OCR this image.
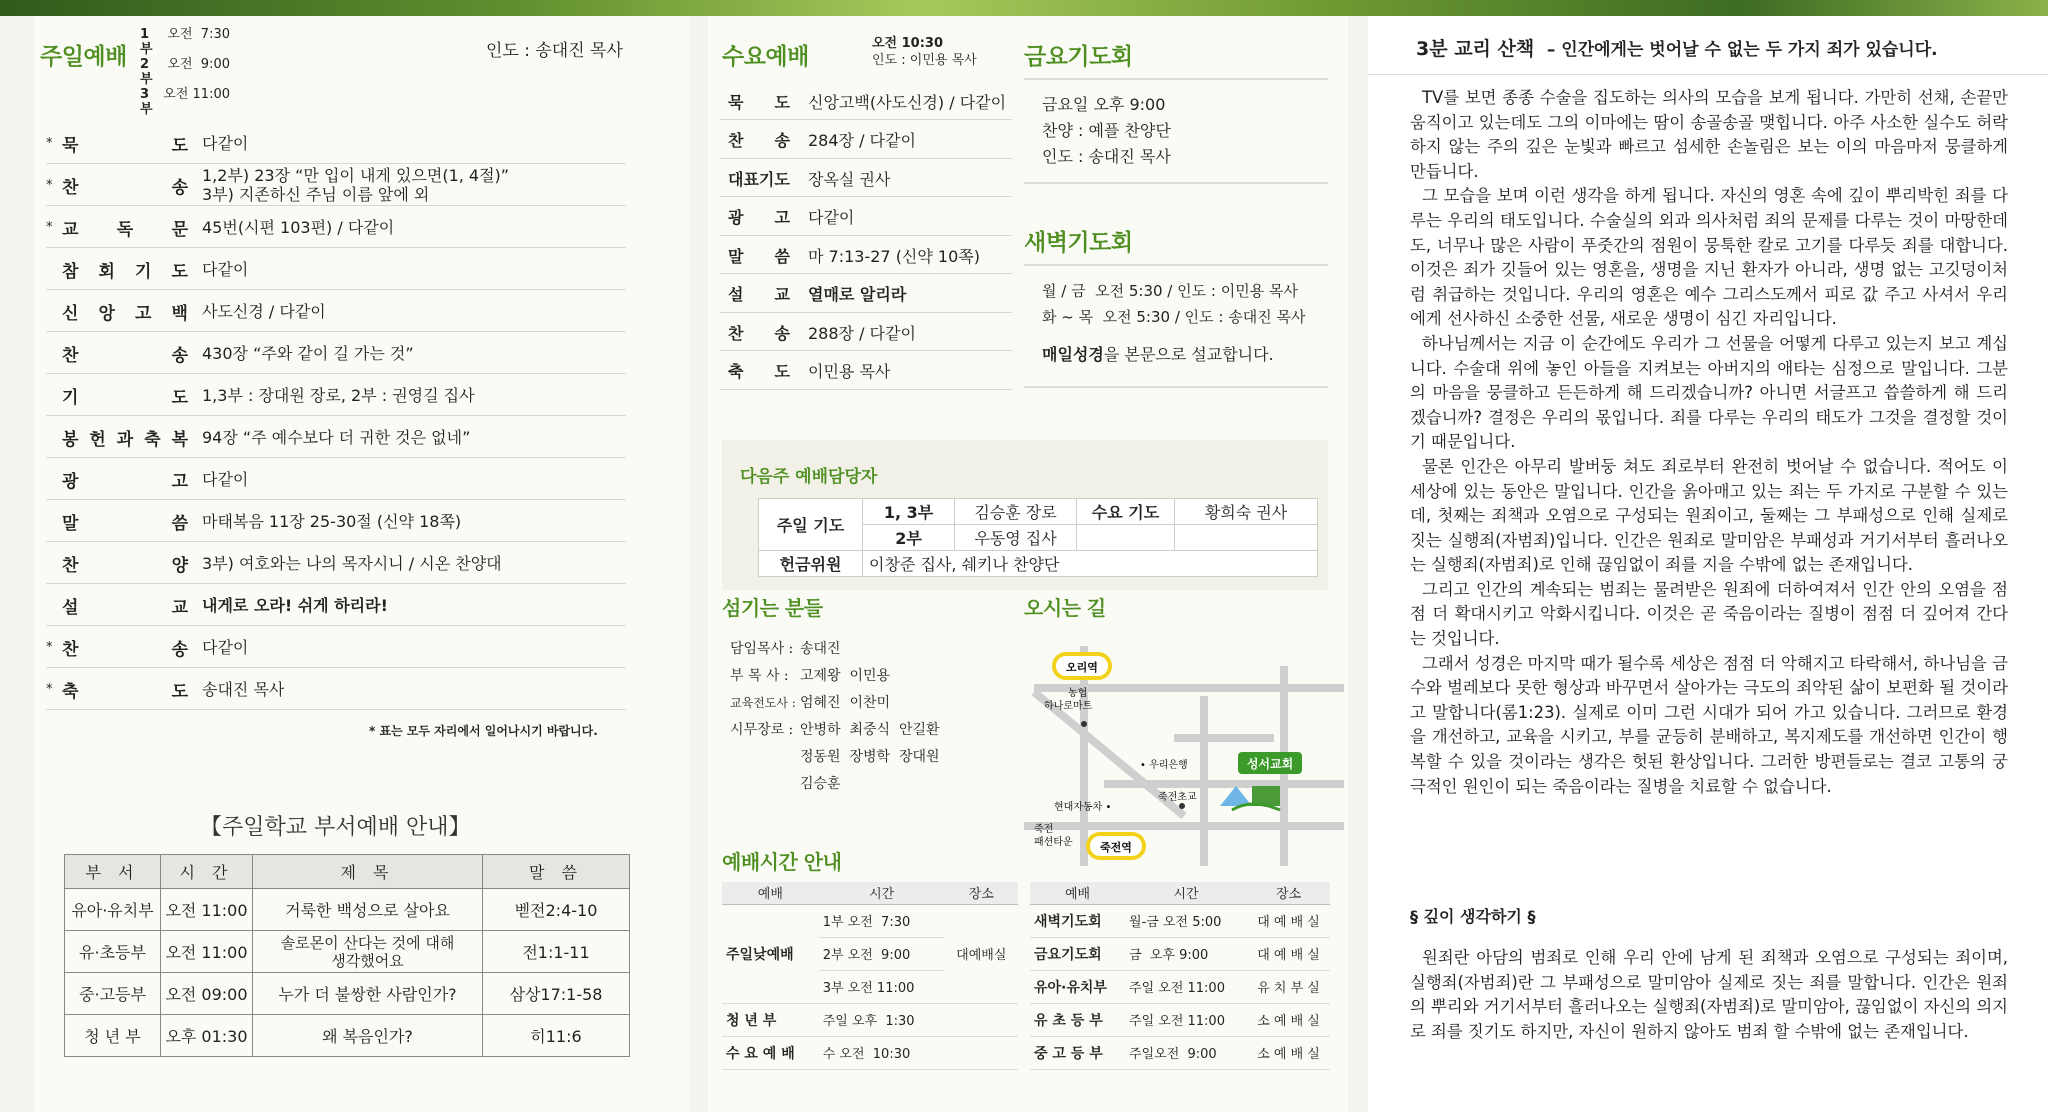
주일예배
1부
오전  7:30
2부
오전  9:00
3부
오전 11:00
인도 : 송대진 목사
* 묵	도 다같이
* 찬	송
1,2부) 23장 “만 입이 내게 있으면(1, 4절)”
3부) 지존하신 주님 이름 앞에 외
* 교 독 문 45번(시편 103편) / 다같이
참 회 기 도 다같이
신 앙 고 백 사도신경 / 다같이
찬	송 430장 “주와 같이 길 가는 것”
기	도 1,3부 : 장대원 장로, 2부 : 권영길 집사
봉 헌 과 축 복 94장 “주 예수보다 더 귀한 것은 없네”
광	고 다같이
말	씀 마태복음 11장 25-30절 (신약 18쪽)
찬	양 3부) 여호와는 나의 목자시니 / 시온 찬양대
설	교 내게로 오라! 쉬게 하리라!
* 찬	송 다같이
* 축	도 송대진 목사
* 표는 모두 자리에서 일어나시기 바랍니다.
【주일학교 부서예배 안내】
부 서	시 간	제 목	말 씀
유아·유치부	오전 11:00	거룩한 백성으로 살아요	벧전2:4-10
유·초등부	오전 11:00	솔로몬이 산다는 것에 대해
생각했어요	전1:1-11
중·고등부	오전 09:00	누가 더 불쌍한 사람인가?	삼상17:1-58
청 년 부	오후 01:30	왜 복음인가?	히11:6
수요예배
오전 10:30
인도 : 이민용 목사
묵 도 신앙고백(사도신경) / 다같이
찬 송 284장 / 다같이
대표기도 장옥실 권사
광 고 다같이
말 씀 마 7:13-27 (신약 10쪽)
설 교 열매로 알리라
찬 송 288장 / 다같이
축 도 이민용 목사
금요기도회
금요일 오후 9:00
찬양 : 예플 찬양단
인도 : 송대진 목사
새벽기도회
월 / 금  오전 5:30 / 인도 : 이민용 목사
화 ~ 목  오전 5:30 / 인도 : 송대진 목사
매일성경을 본문으로 설교합니다.
다음주 예배담당자
주일 기도	1, 3부	김승훈 장로	수요 기도	황희숙 권사
	2부	우동영 집사		
헌금위원	이창준 집사, 쉐키나 찬양단			
섬기는 분들
담임목사 : 송대진
부 목 사 : 고제왕  이민용
교육전도사 : 엄혜진  이찬미
시무장로 : 안병하  최중식  안길환
정동원  장병학  장대원
김승훈
오시는 길
오리역
죽전역
농협
하나로마트
• 우리은행
현대자동차 •
죽전초교
죽전
패션타운
성서교회
예배시간 안내
예배	시간	장소
주일낮예배	1부 오전  7:30	대예배실
	2부 오전  9:00	
	3부 오전 11:00	
청 년 부	주일 오후  1:30	
수 요 예 배	수 오전  10:30	
예배	시간	장소
새벽기도회	월-금 오전 5:00	대 예 배 실
금요기도회	금  오후 9:00	대 예 배 실
유아·유치부	주일 오전 11:00	유 치 부 실
유 초 등 부	주일 오전 11:00	소 예 배 실
중 고 등 부	주일오전  9:00	소 예 배 실
3분 교리 산책 – 인간에게는 벗어날 수 없는 두 가지 죄가 있습니다.

TV를 보면 종종 수술을 집도하는 의사의 모습을 보게 됩니다. 가만히 선채, 손끝만 움직이고 있는데도 그의 이마에는 땀이 송골송골 맺힙니다. 아주 사소한 실수도 허락하지 않는 주의 깊은 눈빛과 빠르고 섬세한 손놀림은 보는 이의 마음마저 뭉클하게 만듭니다.

그 모습을 보며 이런 생각을 하게 됩니다. 자신의 영혼 속에 깊이 뿌리박힌 죄를 다루는 우리의 태도입니다. 수술실의 외과 의사처럼 죄의 문제를 다루는 것이 마땅한데도, 너무나 많은 사람이 푸줏간의 점원이 뭉툭한 칼로 고기를 다루듯 죄를 대합니다. 이것은 죄가 깃들어 있는 영혼을, 생명을 지닌 환자가 아니라, 생명 없는 고깃덩이처럼 취급하는 것입니다. 우리의 영혼은 예수 그리스도께서 피로 값 주고 사셔서 우리에게 선사하신 소중한 선물, 새로운 생명이 심긴 자리입니다.

하나님께서는 지금 이 순간에도 우리가 그 선물을 어떻게 다루고 있는지 보고 계십니다. 수술대 위에 놓인 아들을 지켜보는 아버지의 애타는 심정으로 말입니다. 그분의 마음을 뭉클하고 든든하게 해 드리겠습니까? 아니면 서글프고 씁쓸하게 해 드리겠습니까? 결정은 우리의 몫입니다. 죄를 다루는 우리의 태도가 그것을 결정할 것이기 때문입니다.

물론 인간은 아무리 발버둥 쳐도 죄로부터 완전히 벗어날 수 없습니다. 적어도 이 세상에 있는 동안은 말입니다. 인간을 옭아매고 있는 죄는 두 가지로 구분할 수 있는데, 첫째는 죄책과 오염으로 구성되는 원죄이고, 둘째는 그 부패성으로 인해 실제로 짓는 실행죄(자범죄)입니다. 인간은 원죄로 말미암은 부패성과 거기서부터 흘러나오는 실행죄(자범죄)로 인해 끊임없이 죄를 지을 수밖에 없는 존재입니다.

그리고 인간의 계속되는 범죄는 물려받은 원죄에 더하여져서 인간 안의 오염을 점점 더 확대시키고 악화시킵니다. 이것은 곧 죽음이라는 질병이 점점 더 깊어져 간다는 것입니다.

그래서 성경은 마지막 때가 될수록 세상은 점점 더 악해지고 타락해서, 하나님을 금수와 벌레보다 못한 형상과 바꾸면서 살아가는 극도의 죄악된 삶이 보편화 될 것이라고 말합니다(롬1:23). 실제로 이미 그런 시대가 되어 가고 있습니다. 그러므로 환경을 개선하고, 교육을 시키고, 부를 균등히 분배하고, 복지제도를 개선하면 인간이 행복할 수 있을 것이라는 생각은 헛된 환상입니다. 그러한 방편들로는 결코 고통의 궁극적인 원인이 되는 죽음이라는 질병을 치료할 수 없습니다.

§ 깊이 생각하기 §
원죄란 아담의 범죄로 인해 우리 안에 남게 된 죄책과 오염으로 구성되는 죄이며, 실행죄(자범죄)란 그 부패성으로 말미암아 실제로 짓는 죄를 말합니다. 인간은 원죄의 뿌리와 거기서부터 흘러나오는 실행죄(자범죄)로 말미암아, 끊임없이 자신의 의지로 죄를 짓기도 하지만, 자신이 원하지 않아도 범죄 할 수밖에 없는 존재입니다.
